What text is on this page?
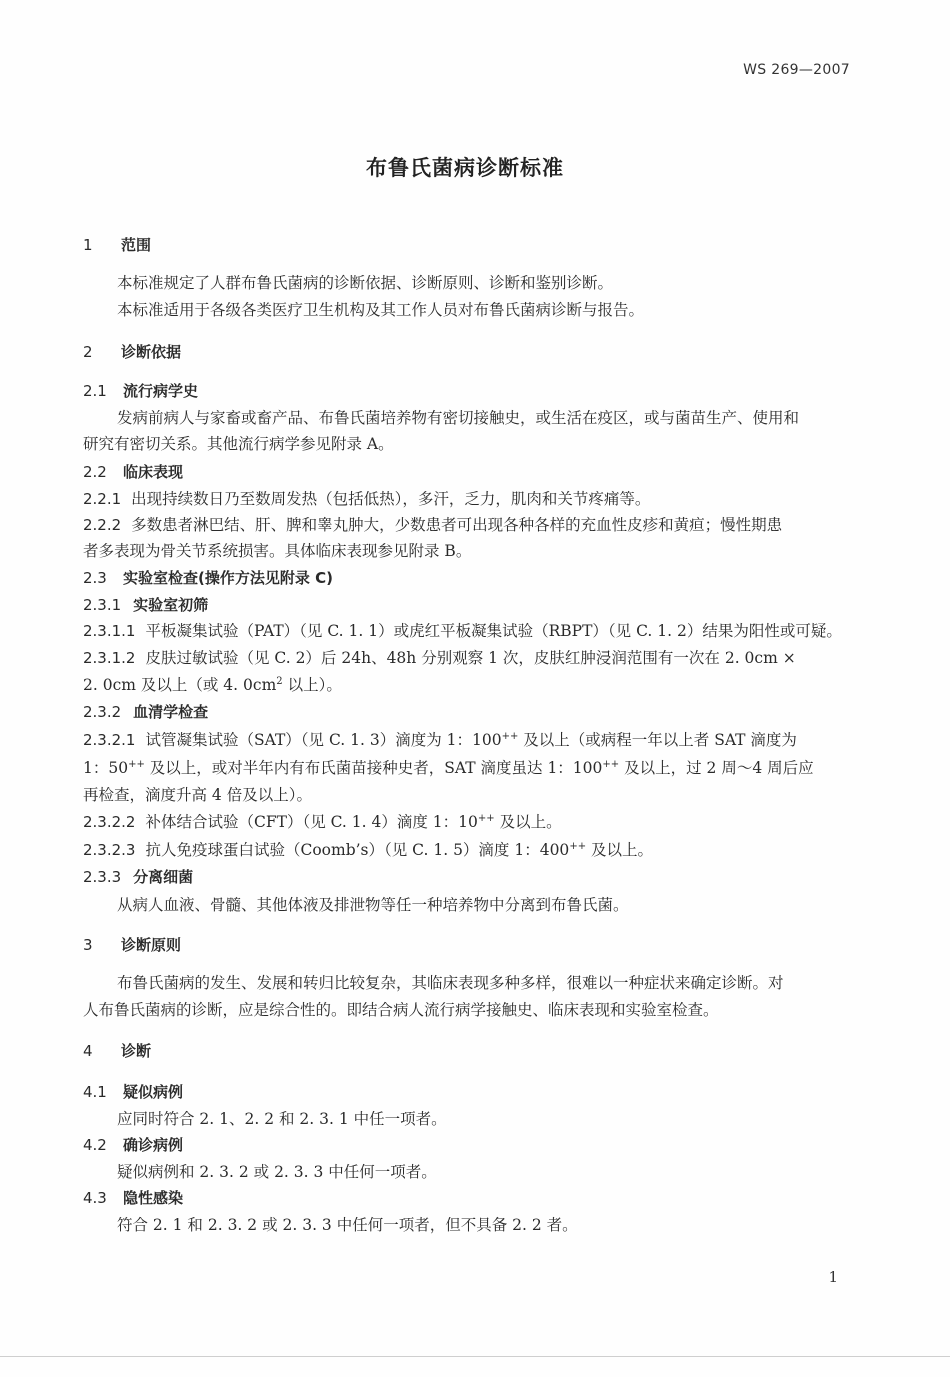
WS 269—2007
布鲁氏菌病诊断标准
1 范围
本标准规定了人群布鲁氏菌病的诊断依据、诊断原则、诊断和鉴别诊断。
本标准适用于各级各类医疗卫生机构及其工作人员对布鲁氏菌病诊断与报告。
2 诊断依据
2.1 流行病学史
发病前病人与家畜或畜产品、布鲁氏菌培养物有密切接触史，或生活在疫区，或与菌苗生产、使用和
研究有密切关系。其他流行病学参见附录 A。
2.2 临床表现
2.2.1 出现持续数日乃至数周发热（包括低热），多汗，乏力，肌肉和关节疼痛等。
2.2.2 多数患者淋巴结、肝、脾和睾丸肿大，少数患者可出现各种各样的充血性皮疹和黄疸；慢性期患
者多表现为骨关节系统损害。具体临床表现参见附录 B。
2.3 实验室检查(操作方法见附录 C)
2.3.1 实验室初筛
2.3.1.1 平板凝集试验（PAT）（见 C. 1. 1）或虎红平板凝集试验（RBPT）（见 C. 1. 2）结果为阳性或可疑。
2.3.1.2 皮肤过敏试验（见 C. 2）后 24h、48h 分别观察 1 次，皮肤红肿浸润范围有一次在 2. 0cm ×
2. 0cm 及以上（或 4. $0cm^2$ 以上）。
2.3.2 血清学检查
2.3.2.1 试管凝集试验（SAT）（见 C. 1. 3）滴度为 1：100++ 及以上（或病程一年以上者 SAT 滴度为
1：50++ 及以上，或对半年内有布氏菌苗接种史者，SAT 滴度虽达 1：100++ 及以上，过 2 周～4 周后应
再检查，滴度升高 4 倍及以上）。
2.3.2.2 补体结合试验（CFT）（见 C. 1. 4）滴度 1：10++ 及以上。
2.3.2.3 抗人免疫球蛋白试验（Coomb’s）（见 C. 1. 5）滴度 1：400++ 及以上。
2.3.3 分离细菌
从病人血液、骨髓、其他体液及排泄物等任一种培养物中分离到布鲁氏菌。
3 诊断原则
布鲁氏菌病的发生、发展和转归比较复杂，其临床表现多种多样，很难以一种症状来确定诊断。对
人布鲁氏菌病的诊断，应是综合性的。即结合病人流行病学接触史、临床表现和实验室检查。
4 诊断
4.1 疑似病例
应同时符合 2. 1、2. 2 和 2. 3. 1 中任一项者。
4.2 确诊病例
疑似病例和 2. 3. 2 或 2. 3. 3 中任何一项者。
4.3 隐性感染
符合 2. 1 和 2. 3. 2 或 2. 3. 3 中任何一项者，但不具备 2. 2 者。
1
